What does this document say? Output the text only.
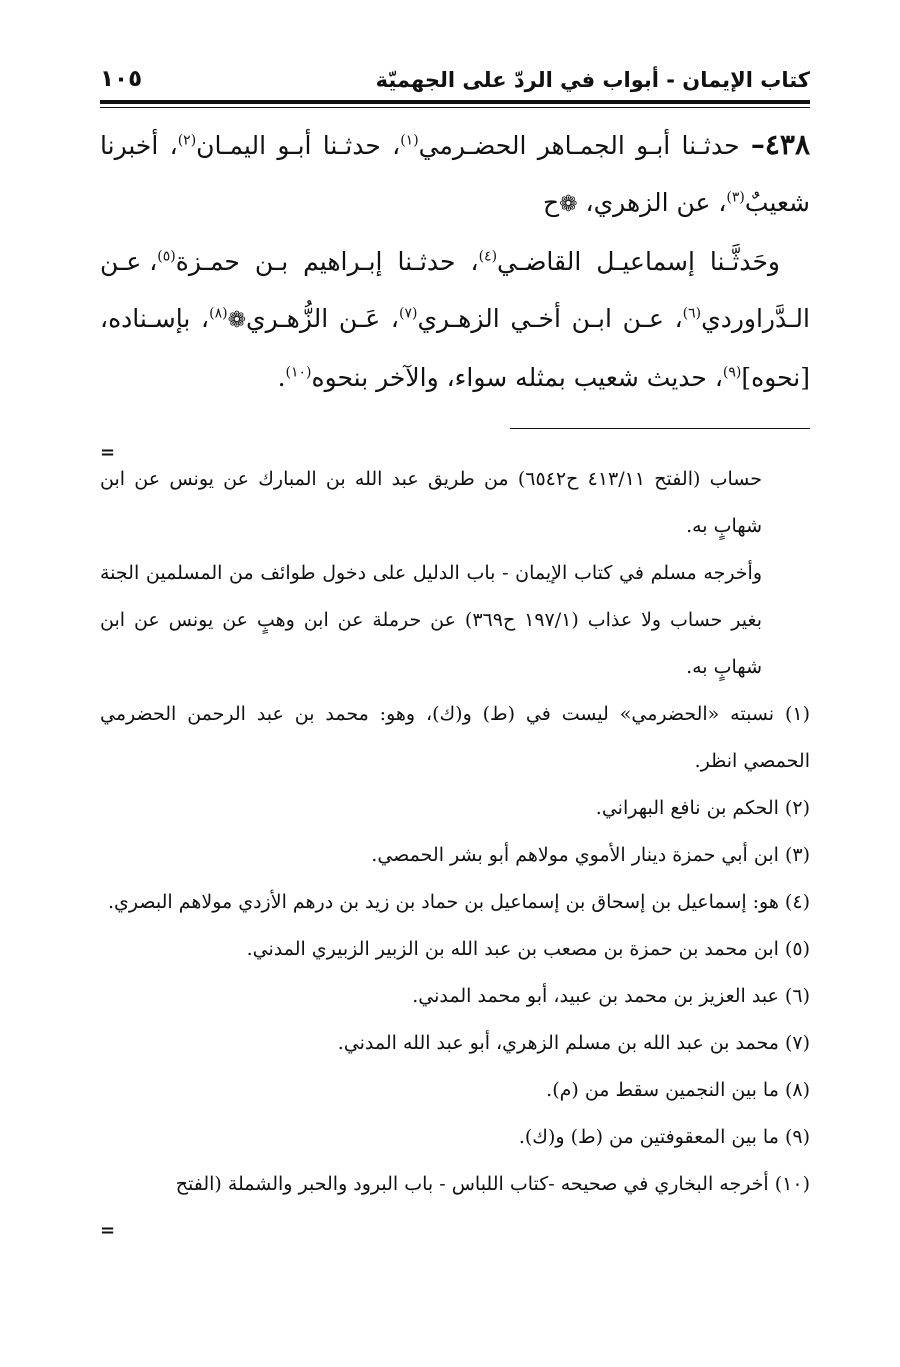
كتاب الإيمان - أبواب في الردّ على الجهميّة
١٠٥

٤٣٨– حدثـنا أبـو الجمـاهر الحضـرمي$^{(١)}$، حدثـنا أبـو اليمـان$^{(٢)}$، أخبرنا شعيبٌ$^{(٣)}$، عن الزهري، ❁ح

وحَدثَّـنا إسماعيـل القاضـي$^{(٤)}$، حدثـنا إبـراهيم بـن حمـزة$^{(٥)}$، عـن الـدَّراوردي$^{(٦)}$، عـن ابـن أخـي الزهـري$^{(٧)}$، عَـن الزُّهـري❁$^{(٨)}$، بإسـناده، [نحوه]$^{(٩)}$، حديث شعيب بمثله سواء، والآخر بنحوه$^{(١٠)}$.

=

حساب (الفتح ٤١٣/١١ ح٦٥٤٢) من طريق عبد الله بن المبارك عن يونس عن ابن شهابٍ به.

وأخرجه مسلم في كتاب الإيمان - باب الدليل على دخول طوائف من المسلمين الجنة بغير حساب ولا عذاب (١٩٧/١ ح٣٦٩) عن حرملة عن ابن وهبٍ عن يونس عن ابن شهابٍ به.

(١) نسبته «الحضرمي» ليست في (ط) و(ك)، وهو: محمد بن عبد الرحمن الحضرمي الحمصي انظر.

(٢) الحكم بن نافع البهراني.

(٣) ابن أبي حمزة دينار الأموي مولاهم أبو بشر الحمصي.

(٤) هو: إسماعيل بن إسحاق بن إسماعيل بن حماد بن زيد بن درهم الأزدي مولاهم البصري.

(٥) ابن محمد بن حمزة بن مصعب بن عبد الله بن الزبير الزبيري المدني.

(٦) عبد العزيز بن محمد بن عبيد، أبو محمد المدني.

(٧) محمد بن عبد الله بن مسلم الزهري، أبو عبد الله المدني.

(٨) ما بين النجمين سقط من (م).

(٩) ما بين المعقوفتين من (ط) و(ك).

(١٠) أخرجه البخاري في صحيحه -كتاب اللباس - باب البرود والحبر والشملة (الفتح

=
